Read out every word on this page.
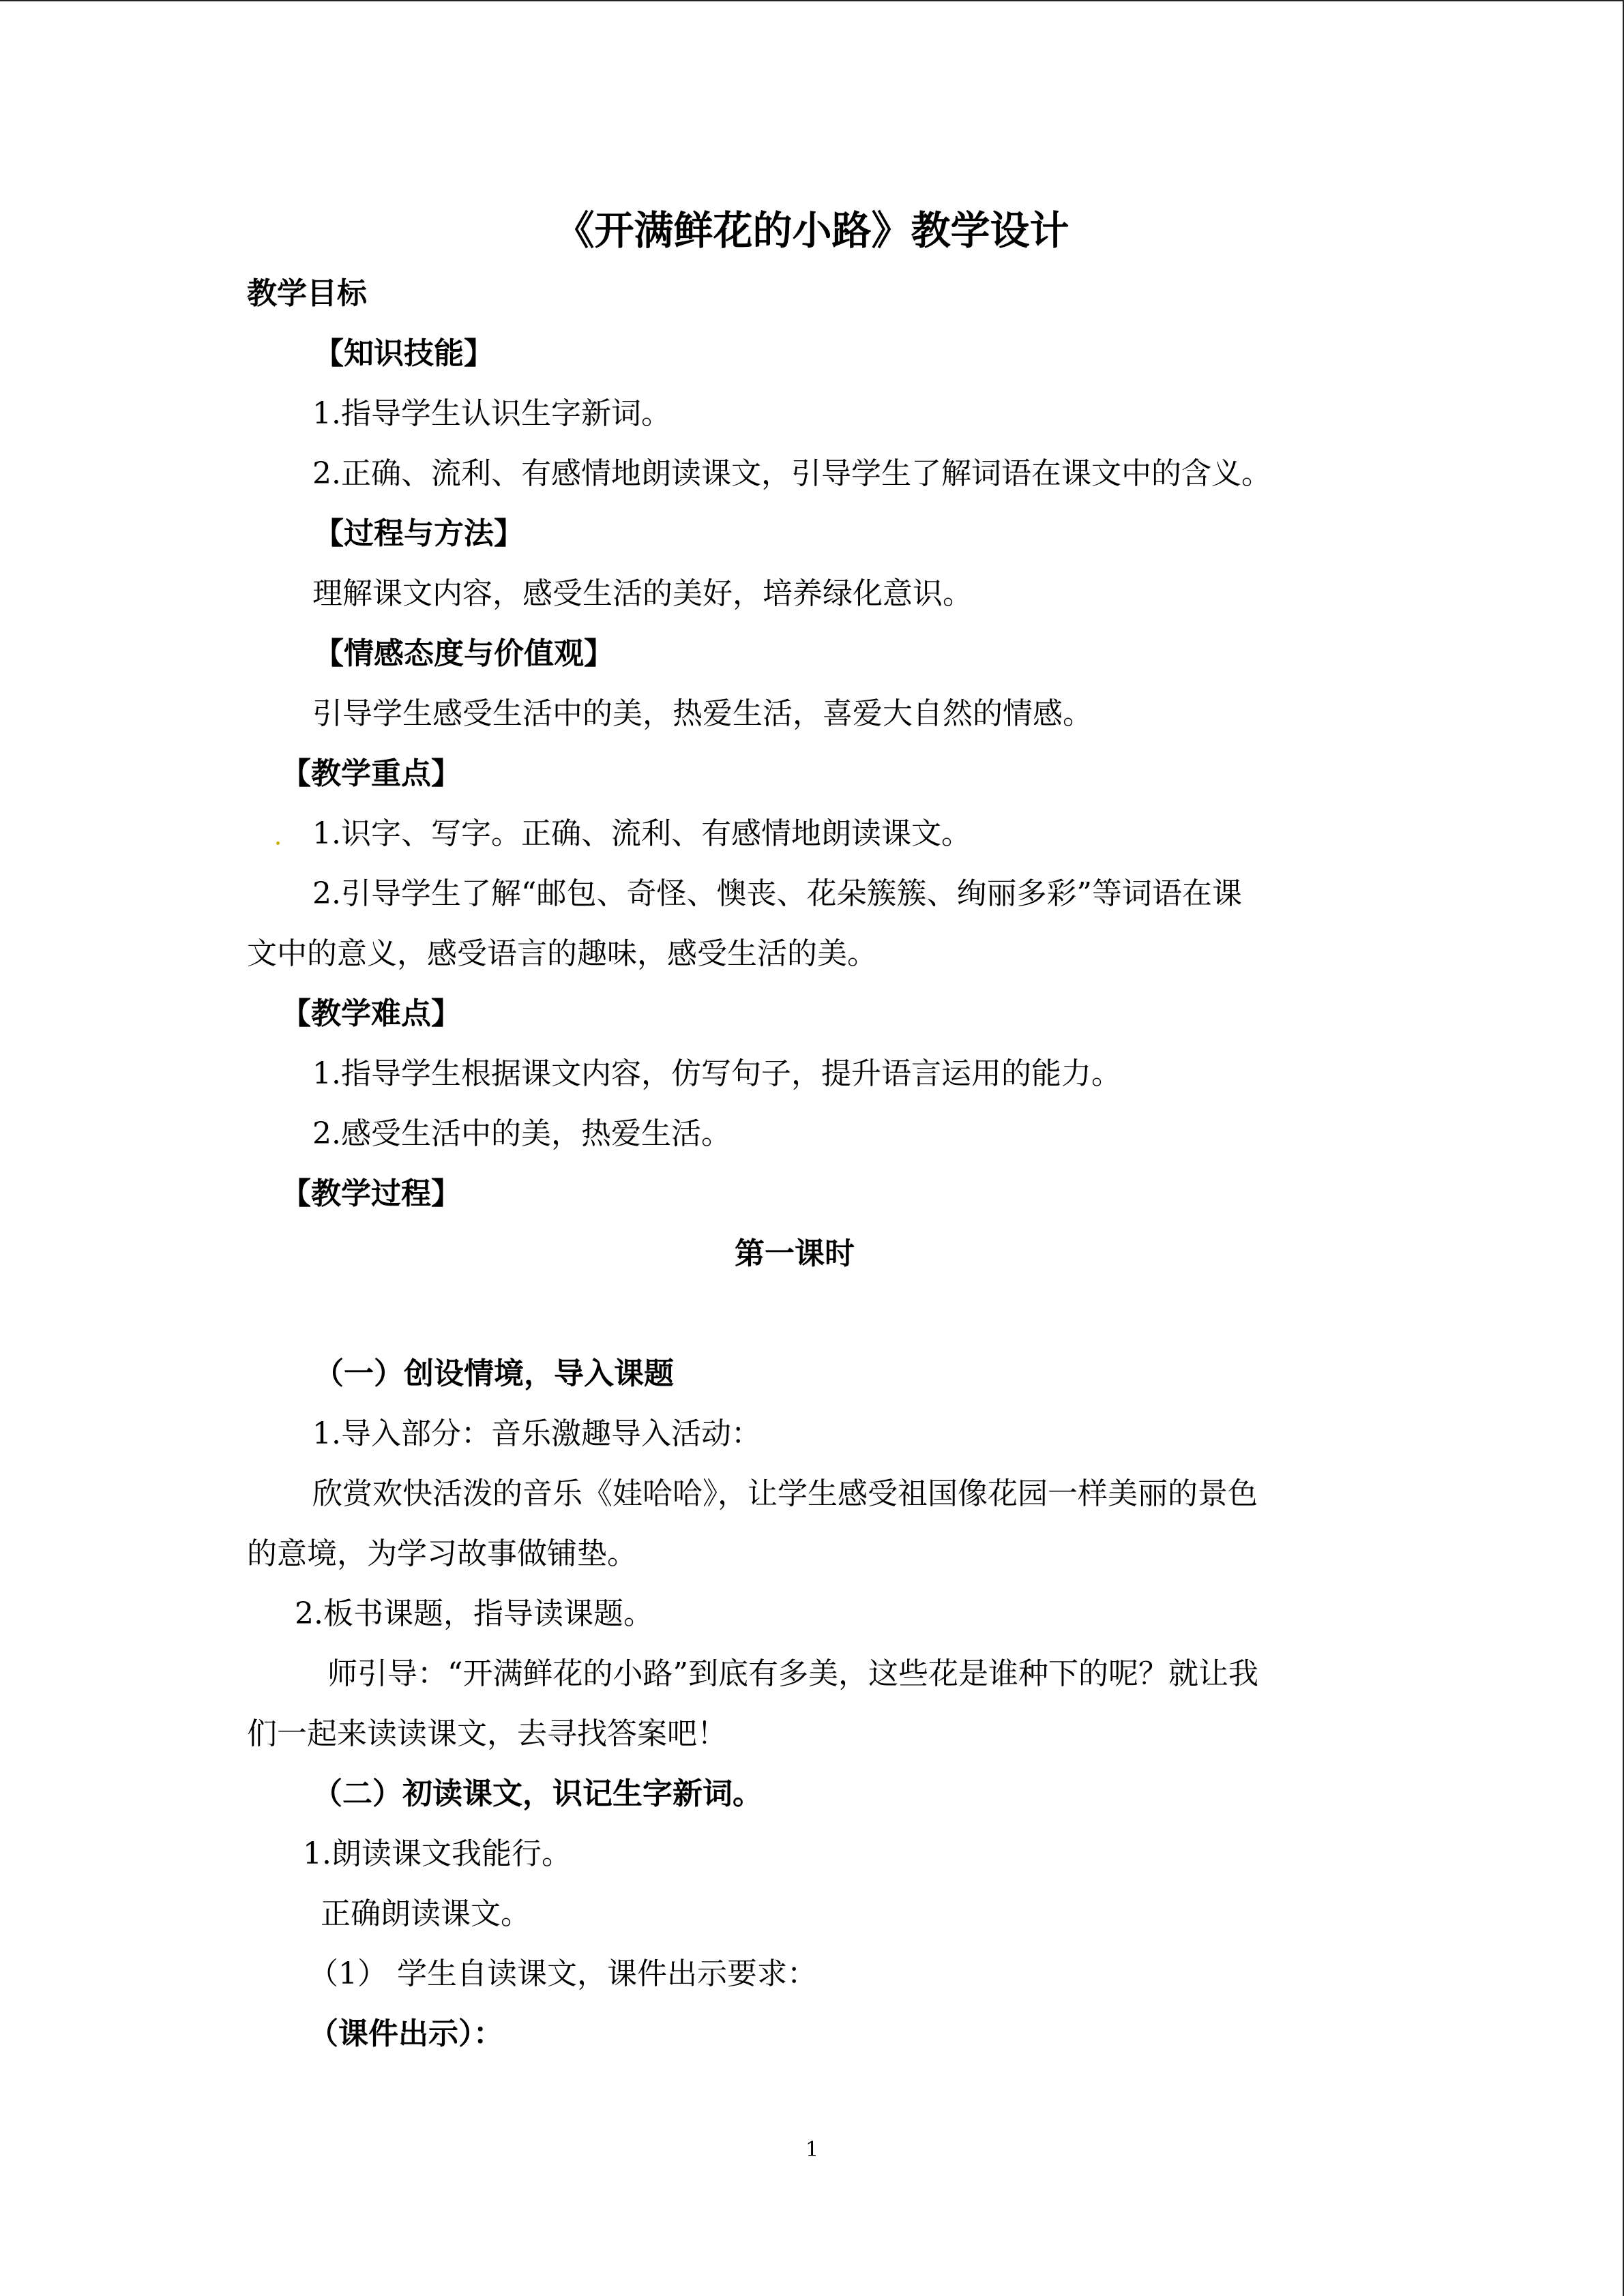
《开满鲜花的小路》教学设计
教学目标
【知识技能】
1.指导学生认识生字新词。
2.正确、流利、有感情地朗读课文，引导学生了解词语在课文中的含义。
【过程与方法】
理解课文内容，感受生活的美好，培养绿化意识。
【情感态度与价值观】
引导学生感受生活中的美，热爱生活，喜爱大自然的情感。
【教学重点】
1.识字、写字。正确、流利、有感情地朗读课文。
2.引导学生了解“邮包、奇怪、懊丧、花朵簇簇、绚丽多彩”等词语在课
文中的意义，感受语言的趣味，感受生活的美。
【教学难点】
1.指导学生根据课文内容，仿写句子，提升语言运用的能力。
2.感受生活中的美，热爱生活。
【教学过程】
第一课时
（一）创设情境，导入课题
1.导入部分：音乐激趣导入活动：
欣赏欢快活泼的音乐《娃哈哈》，让学生感受祖国像花园一样美丽的景色
的意境，为学习故事做铺垫。
2.板书课题，指导读课题。
师引导：“开满鲜花的小路”到底有多美，这些花是谁种下的呢？就让我
们一起来读读课文，去寻找答案吧！
（二）初读课文，识记生字新词。
1.朗读课文我能行。
正确朗读课文。
（1） 学生自读课文，课件出示要求：
（课件出示）：
1
